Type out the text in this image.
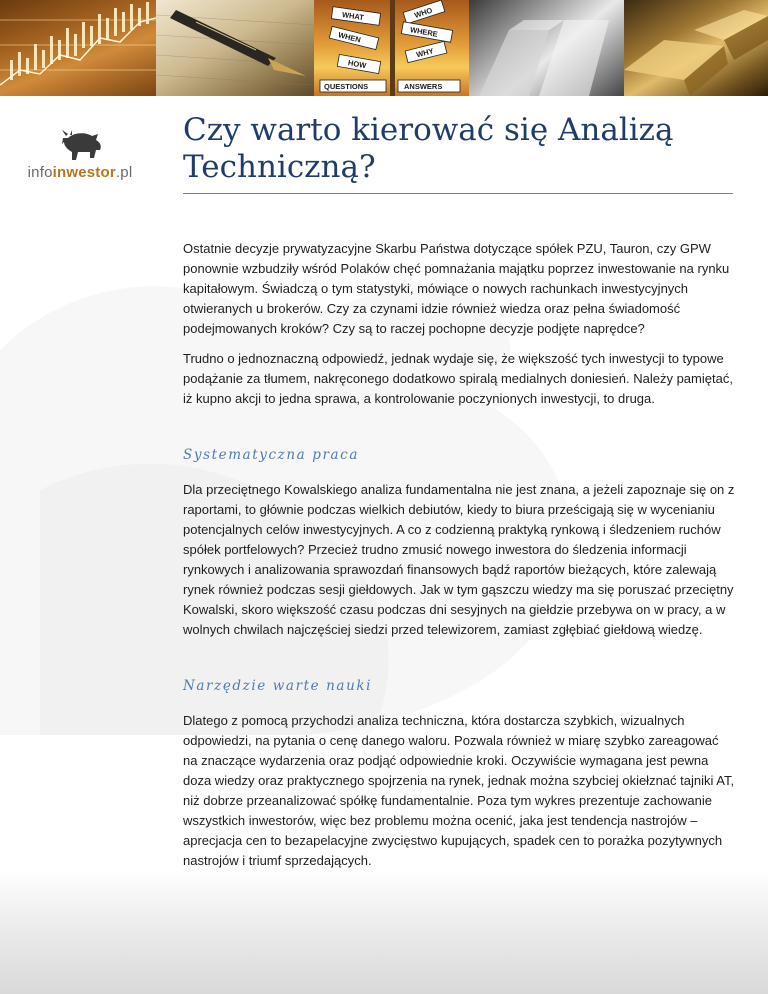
WHAT	WHO
WHERE
WHEN
WHY
HOW
QUESTIONS	ANSWERS
infoinwestor.pl
Czy warto kierować się Analizą
Techniczną?

Ostatnie decyzje prywatyzacyjne Skarbu Państwa dotyczące spółek PZU, Tauron, czy GPW ponownie wzbudziły wśród Polaków chęć pomnażania majątku poprzez inwestowanie na rynku kapitałowym. Świadczą o tym statystyki, mówiące o nowych rachunkach inwestycyjnych otwieranych u brokerów. Czy za czynami idzie również wiedza oraz pełna świadomość podejmowanych kroków? Czy są to raczej pochopne decyzje podjęte naprędce?

Trudno o jednoznaczną odpowiedź, jednak wydaje się, że większość tych inwestycji to typowe podążanie za tłumem, nakręconego dodatkowo spiralą medialnych doniesień. Należy pamiętać, iż kupno akcji to jedna sprawa, a kontrolowanie poczynionych inwestycji, to druga.

Systematyczna praca

Dla przeciętnego Kowalskiego analiza fundamentalna nie jest znana, a jeżeli zapoznaje się on z raportami, to głównie podczas wielkich debiutów, kiedy to biura prześcigają się w wycenianiu potencjalnych celów inwestycyjnych. A co z codzienną praktyką rynkową i śledzeniem ruchów spółek portfelowych? Przecież trudno zmusić nowego inwestora do śledzenia informacji rynkowych i analizowania sprawozdań finansowych bądź raportów bieżących, które zalewają rynek również podczas sesji giełdowych. Jak w tym gąszczu wiedzy ma się poruszać przeciętny Kowalski, skoro większość czasu podczas dni sesyjnych na giełdzie przebywa on w pracy, a w wolnych chwilach najczęściej siedzi przed telewizorem, zamiast zgłębiać giełdową wiedzę.

Narzędzie warte nauki

Dlatego z pomocą przychodzi analiza techniczna, która dostarcza szybkich, wizualnych odpowiedzi, na pytania o cenę danego waloru. Pozwala również w miarę szybko zareagować na znaczące wydarzenia oraz podjąć odpowiednie kroki. Oczywiście wymagana jest pewna doza wiedzy oraz praktycznego spojrzenia na rynek, jednak można szybciej okiełznać tajniki AT, niż dobrze przeanalizować spółkę fundamentalnie. Poza tym wykres prezentuje zachowanie wszystkich inwestorów, więc bez problemu można ocenić, jaka jest tendencja nastrojów – aprecjacja cen to bezapelacyjne zwycięstwo kupujących, spadek cen to porażka pozytywnych nastrojów i triumf sprzedających.
